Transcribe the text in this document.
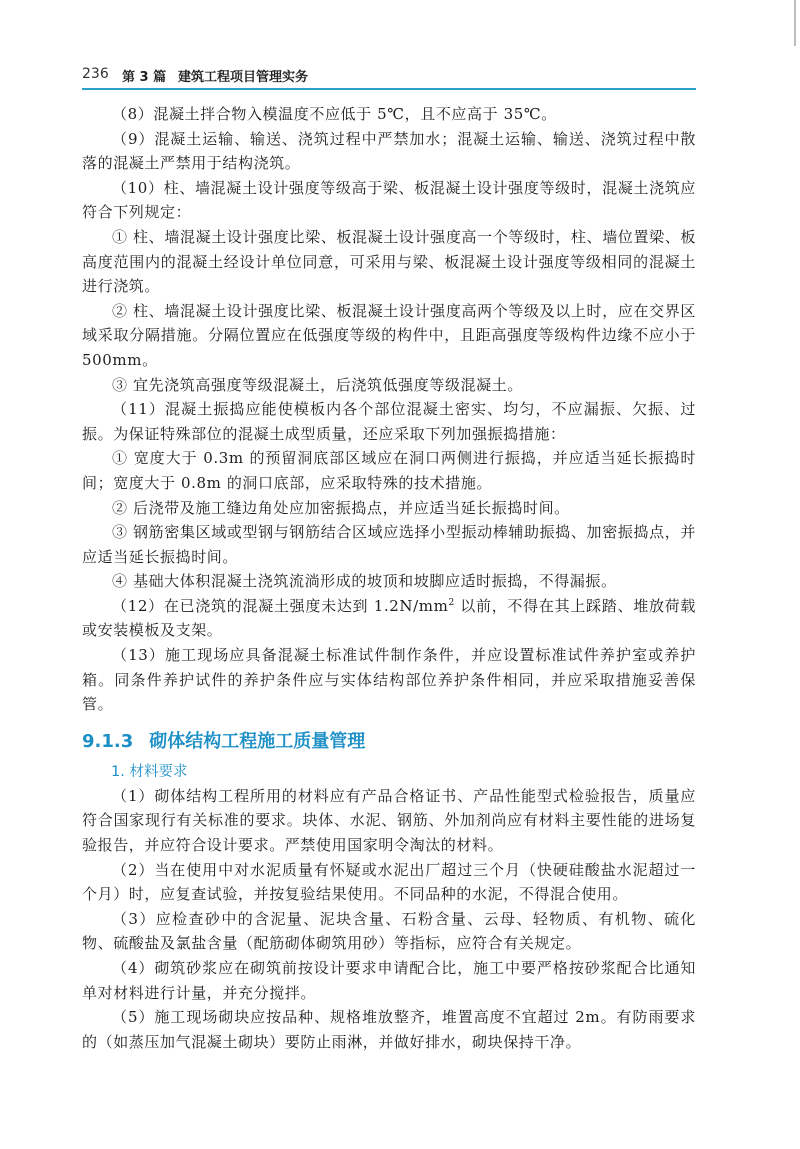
236 第 3 篇 建筑工程项目管理实务

（8）混凝土拌合物入模温度不应低于 5℃，且不应高于 35℃。

（9）混凝土运输、输送、浇筑过程中严禁加水；混凝土运输、输送、浇筑过程中散落的混凝土严禁用于结构浇筑。

（10）柱、墙混凝土设计强度等级高于梁、板混凝土设计强度等级时，混凝土浇筑应符合下列规定：

① 柱、墙混凝土设计强度比梁、板混凝土设计强度高一个等级时，柱、墙位置梁、板高度范围内的混凝土经设计单位同意，可采用与梁、板混凝土设计强度等级相同的混凝土进行浇筑。

② 柱、墙混凝土设计强度比梁、板混凝土设计强度高两个等级及以上时，应在交界区域采取分隔措施。分隔位置应在低强度等级的构件中，且距高强度等级构件边缘不应小于 500mm。

③ 宜先浇筑高强度等级混凝土，后浇筑低强度等级混凝土。

（11）混凝土振捣应能使模板内各个部位混凝土密实、均匀，不应漏振、欠振、过振。为保证特殊部位的混凝土成型质量，还应采取下列加强振捣措施：

① 宽度大于 0.3m 的预留洞底部区域应在洞口两侧进行振捣，并应适当延长振捣时间；宽度大于 0.8m 的洞口底部，应采取特殊的技术措施。

② 后浇带及施工缝边角处应加密振捣点，并应适当延长振捣时间。

③ 钢筋密集区域或型钢与钢筋结合区域应选择小型振动棒辅助振捣、加密振捣点，并应适当延长振捣时间。

④ 基础大体积混凝土浇筑流淌形成的坡顶和坡脚应适时振捣，不得漏振。

（12）在已浇筑的混凝土强度未达到 $1.2N/mm^2$ 以前，不得在其上踩踏、堆放荷载或安装模板及支架。

（13）施工现场应具备混凝土标准试件制作条件，并应设置标准试件养护室或养护箱。同条件养护试件的养护条件应与实体结构部位养护条件相同，并应采取措施妥善保管。

9.1.3 砌体结构工程施工质量管理
1. 材料要求

（1）砌体结构工程所用的材料应有产品合格证书、产品性能型式检验报告，质量应符合国家现行有关标准的要求。块体、水泥、钢筋、外加剂尚应有材料主要性能的进场复验报告，并应符合设计要求。严禁使用国家明令淘汰的材料。

（2）当在使用中对水泥质量有怀疑或水泥出厂超过三个月（快硬硅酸盐水泥超过一个月）时，应复查试验，并按复验结果使用。不同品种的水泥，不得混合使用。

（3）应检查砂中的含泥量、泥块含量、石粉含量、云母、轻物质、有机物、硫化物、硫酸盐及氯盐含量（配筋砌体砌筑用砂）等指标，应符合有关规定。

（4）砌筑砂浆应在砌筑前按设计要求申请配合比，施工中要严格按砂浆配合比通知单对材料进行计量，并充分搅拌。

（5）施工现场砌块应按品种、规格堆放整齐，堆置高度不宜超过 2m。有防雨要求的（如蒸压加气混凝土砌块）要防止雨淋，并做好排水，砌块保持干净。
